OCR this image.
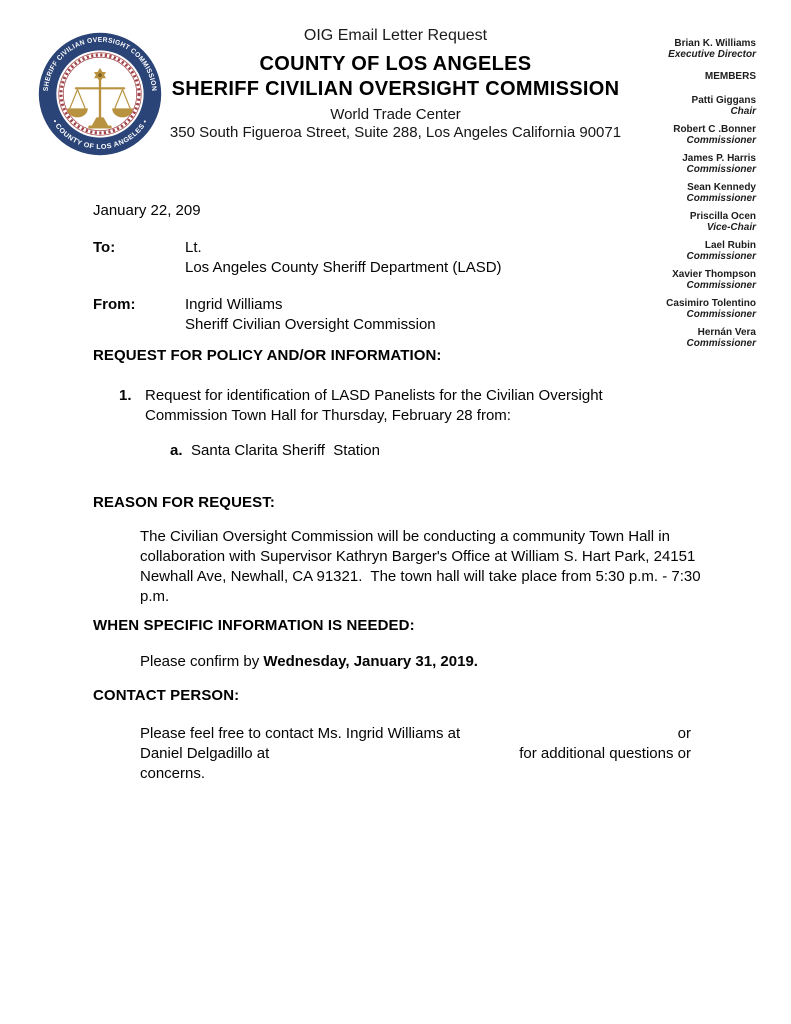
SHERIFF CIVILIAN OVERSIGHT COMMISSION
• COUNTY OF LOS ANGELES •
OIG Email Letter Request
COUNTY OF LOS ANGELES
SHERIFF CIVILIAN OVERSIGHT COMMISSION
World Trade Center
350 South Figueroa Street, Suite 288, Los Angeles California 90071
Brian K. Williams
Executive Director
MEMBERS
Patti Giggans
Chair
Robert C .Bonner
Commissioner
James P. Harris
Commissioner
Sean Kennedy
Commissioner
Priscilla Ocen
Vice-Chair
Lael Rubin
Commissioner
Xavier Thompson
Commissioner
Casimiro Tolentino
Commissioner
Hernán Vera
Commissioner
January 22, 209
To:	Lt.
Los Angeles County Sheriff Department (LASD)
From:	Ingrid Williams
Sheriff Civilian Oversight Commission
REQUEST FOR POLICY AND/OR INFORMATION:
1. Request for identification of LASD Panelists for the Civilian Oversight Commission Town Hall for Thursday, February 28 from:
a. Santa Clarita Sheriff  Station
REASON FOR REQUEST:
The Civilian Oversight Commission will be conducting a community Town Hall in collaboration with Supervisor Kathryn Barger's Office at William S. Hart Park, 24151 Newhall Ave, Newhall, CA 91321.  The town hall will take place from 5:30 p.m. - 7:30 p.m.
WHEN SPECIFIC INFORMATION IS NEEDED:
Please confirm by Wednesday, January 31, 2019.
CONTACT PERSON:
Please feel free to contact Ms. Ingrid Williams at	or
Daniel Delgadillo at	for additional questions or
concerns.
